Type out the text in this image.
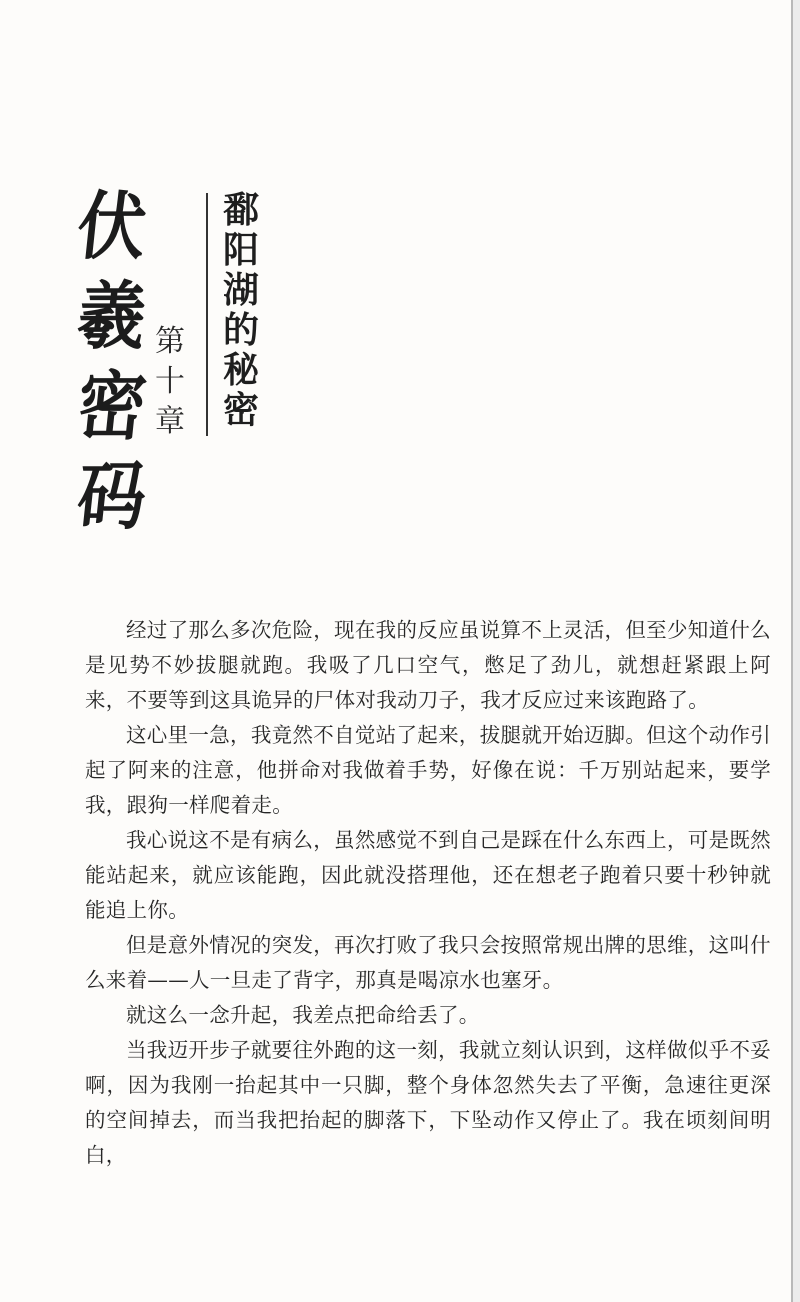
伏
羲
密
码
第
十
章
鄱
阳
湖
的
秘
密

经过了那么多次危险，现在我的反应虽说算不上灵活，但至少知道什么是见势不妙拔腿就跑。我吸了几口空气，憋足了劲儿，就想赶紧跟上阿来，不要等到这具诡异的尸体对我动刀子，我才反应过来该跑路了。

这心里一急，我竟然不自觉站了起来，拔腿就开始迈脚。但这个动作引起了阿来的注意，他拼命对我做着手势，好像在说：千万别站起来，要学我，跟狗一样爬着走。

我心说这不是有病么，虽然感觉不到自己是踩在什么东西上，可是既然能站起来，就应该能跑，因此就没搭理他，还在想老子跑着只要十秒钟就能追上你。

但是意外情况的突发，再次打败了我只会按照常规出牌的思维，这叫什么来着——人一旦走了背字，那真是喝凉水也塞牙。

就这么一念升起，我差点把命给丢了。

当我迈开步子就要往外跑的这一刻，我就立刻认识到，这样做似乎不妥啊，因为我刚一抬起其中一只脚，整个身体忽然失去了平衡，急速往更深的空间掉去，而当我把抬起的脚落下，下坠动作又停止了。我在顷刻间明白，
